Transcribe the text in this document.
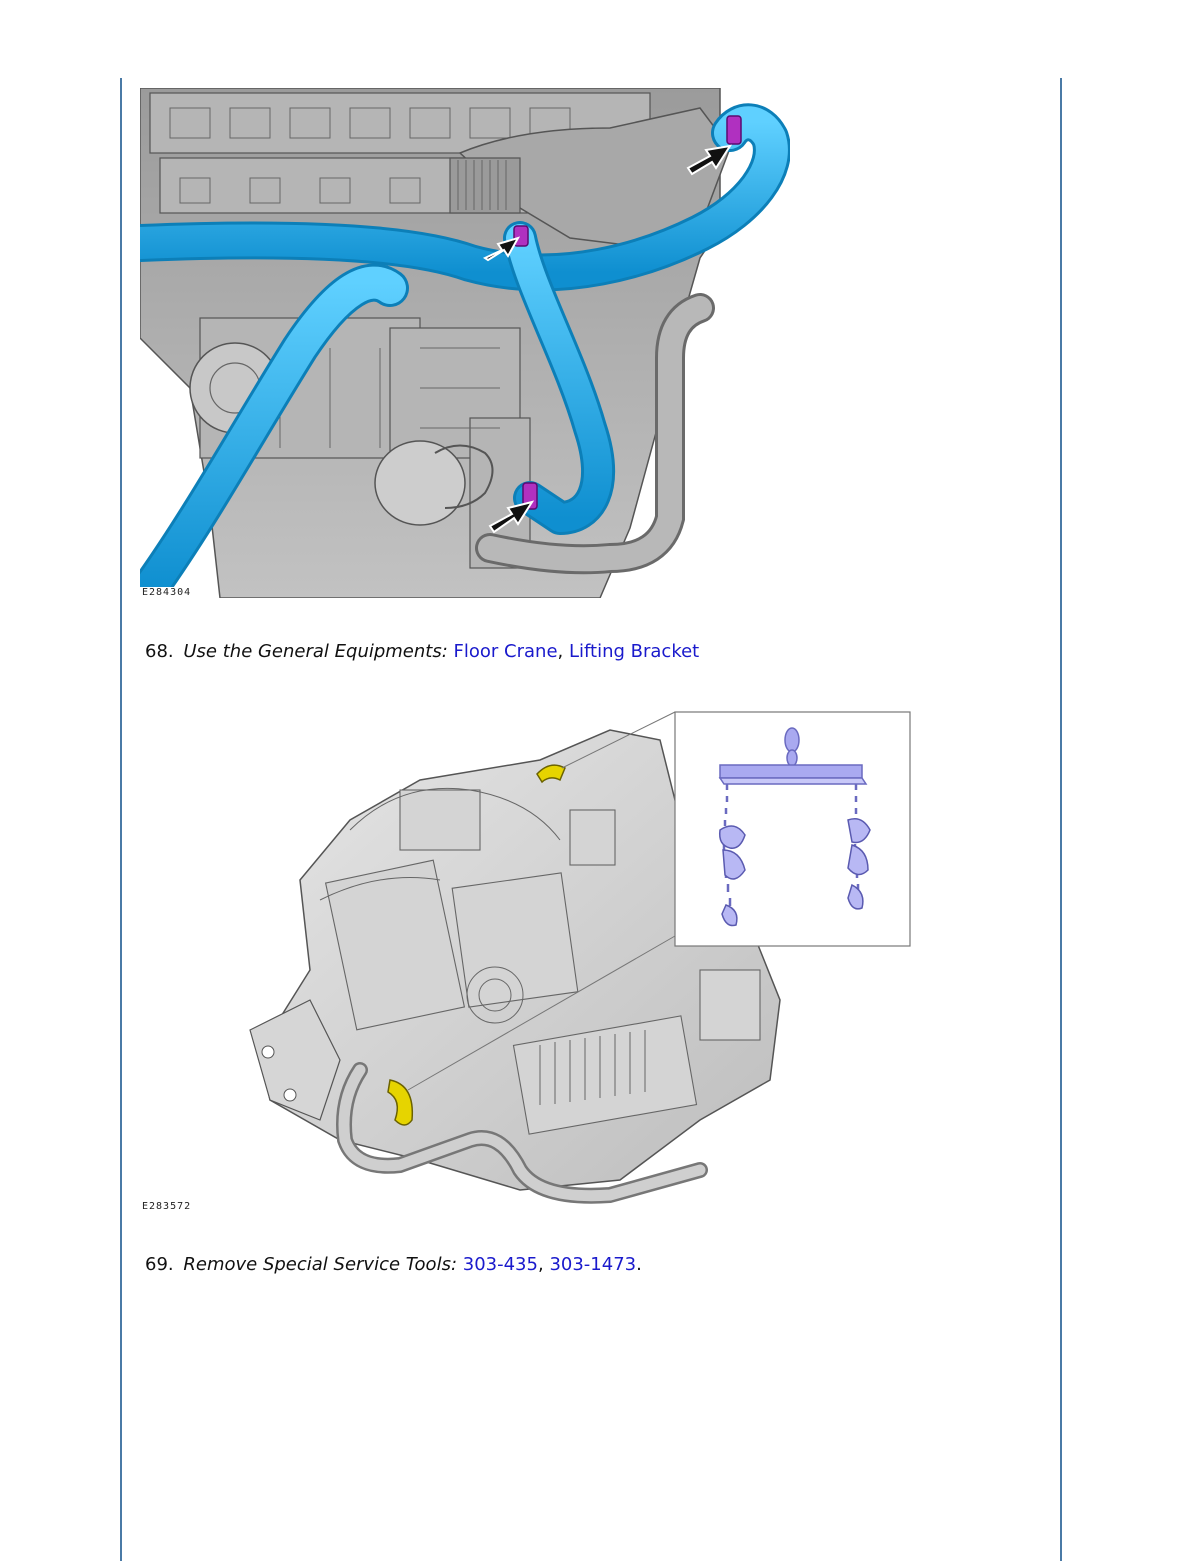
E284304
68. Use the General Equipments: Floor Crane, Lifting Bracket
E283572
69. Remove Special Service Tools: 303-435, 303-1473.
